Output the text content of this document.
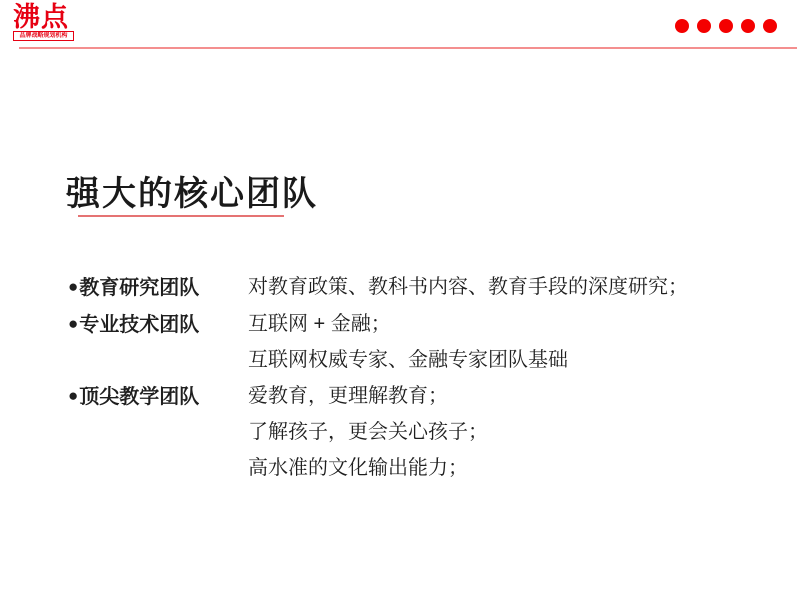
沸点
品牌战略规划机构
强大的核心团队
●教育研究团队	对教育政策、教科书内容、教育手段的深度研究；
●专业技术团队	互联网 + 金融；
互联网权威专家、金融专家团队基础
●顶尖教学团队	爱教育，更理解教育；
了解孩子，更会关心孩子；
高水准的文化输出能力；
